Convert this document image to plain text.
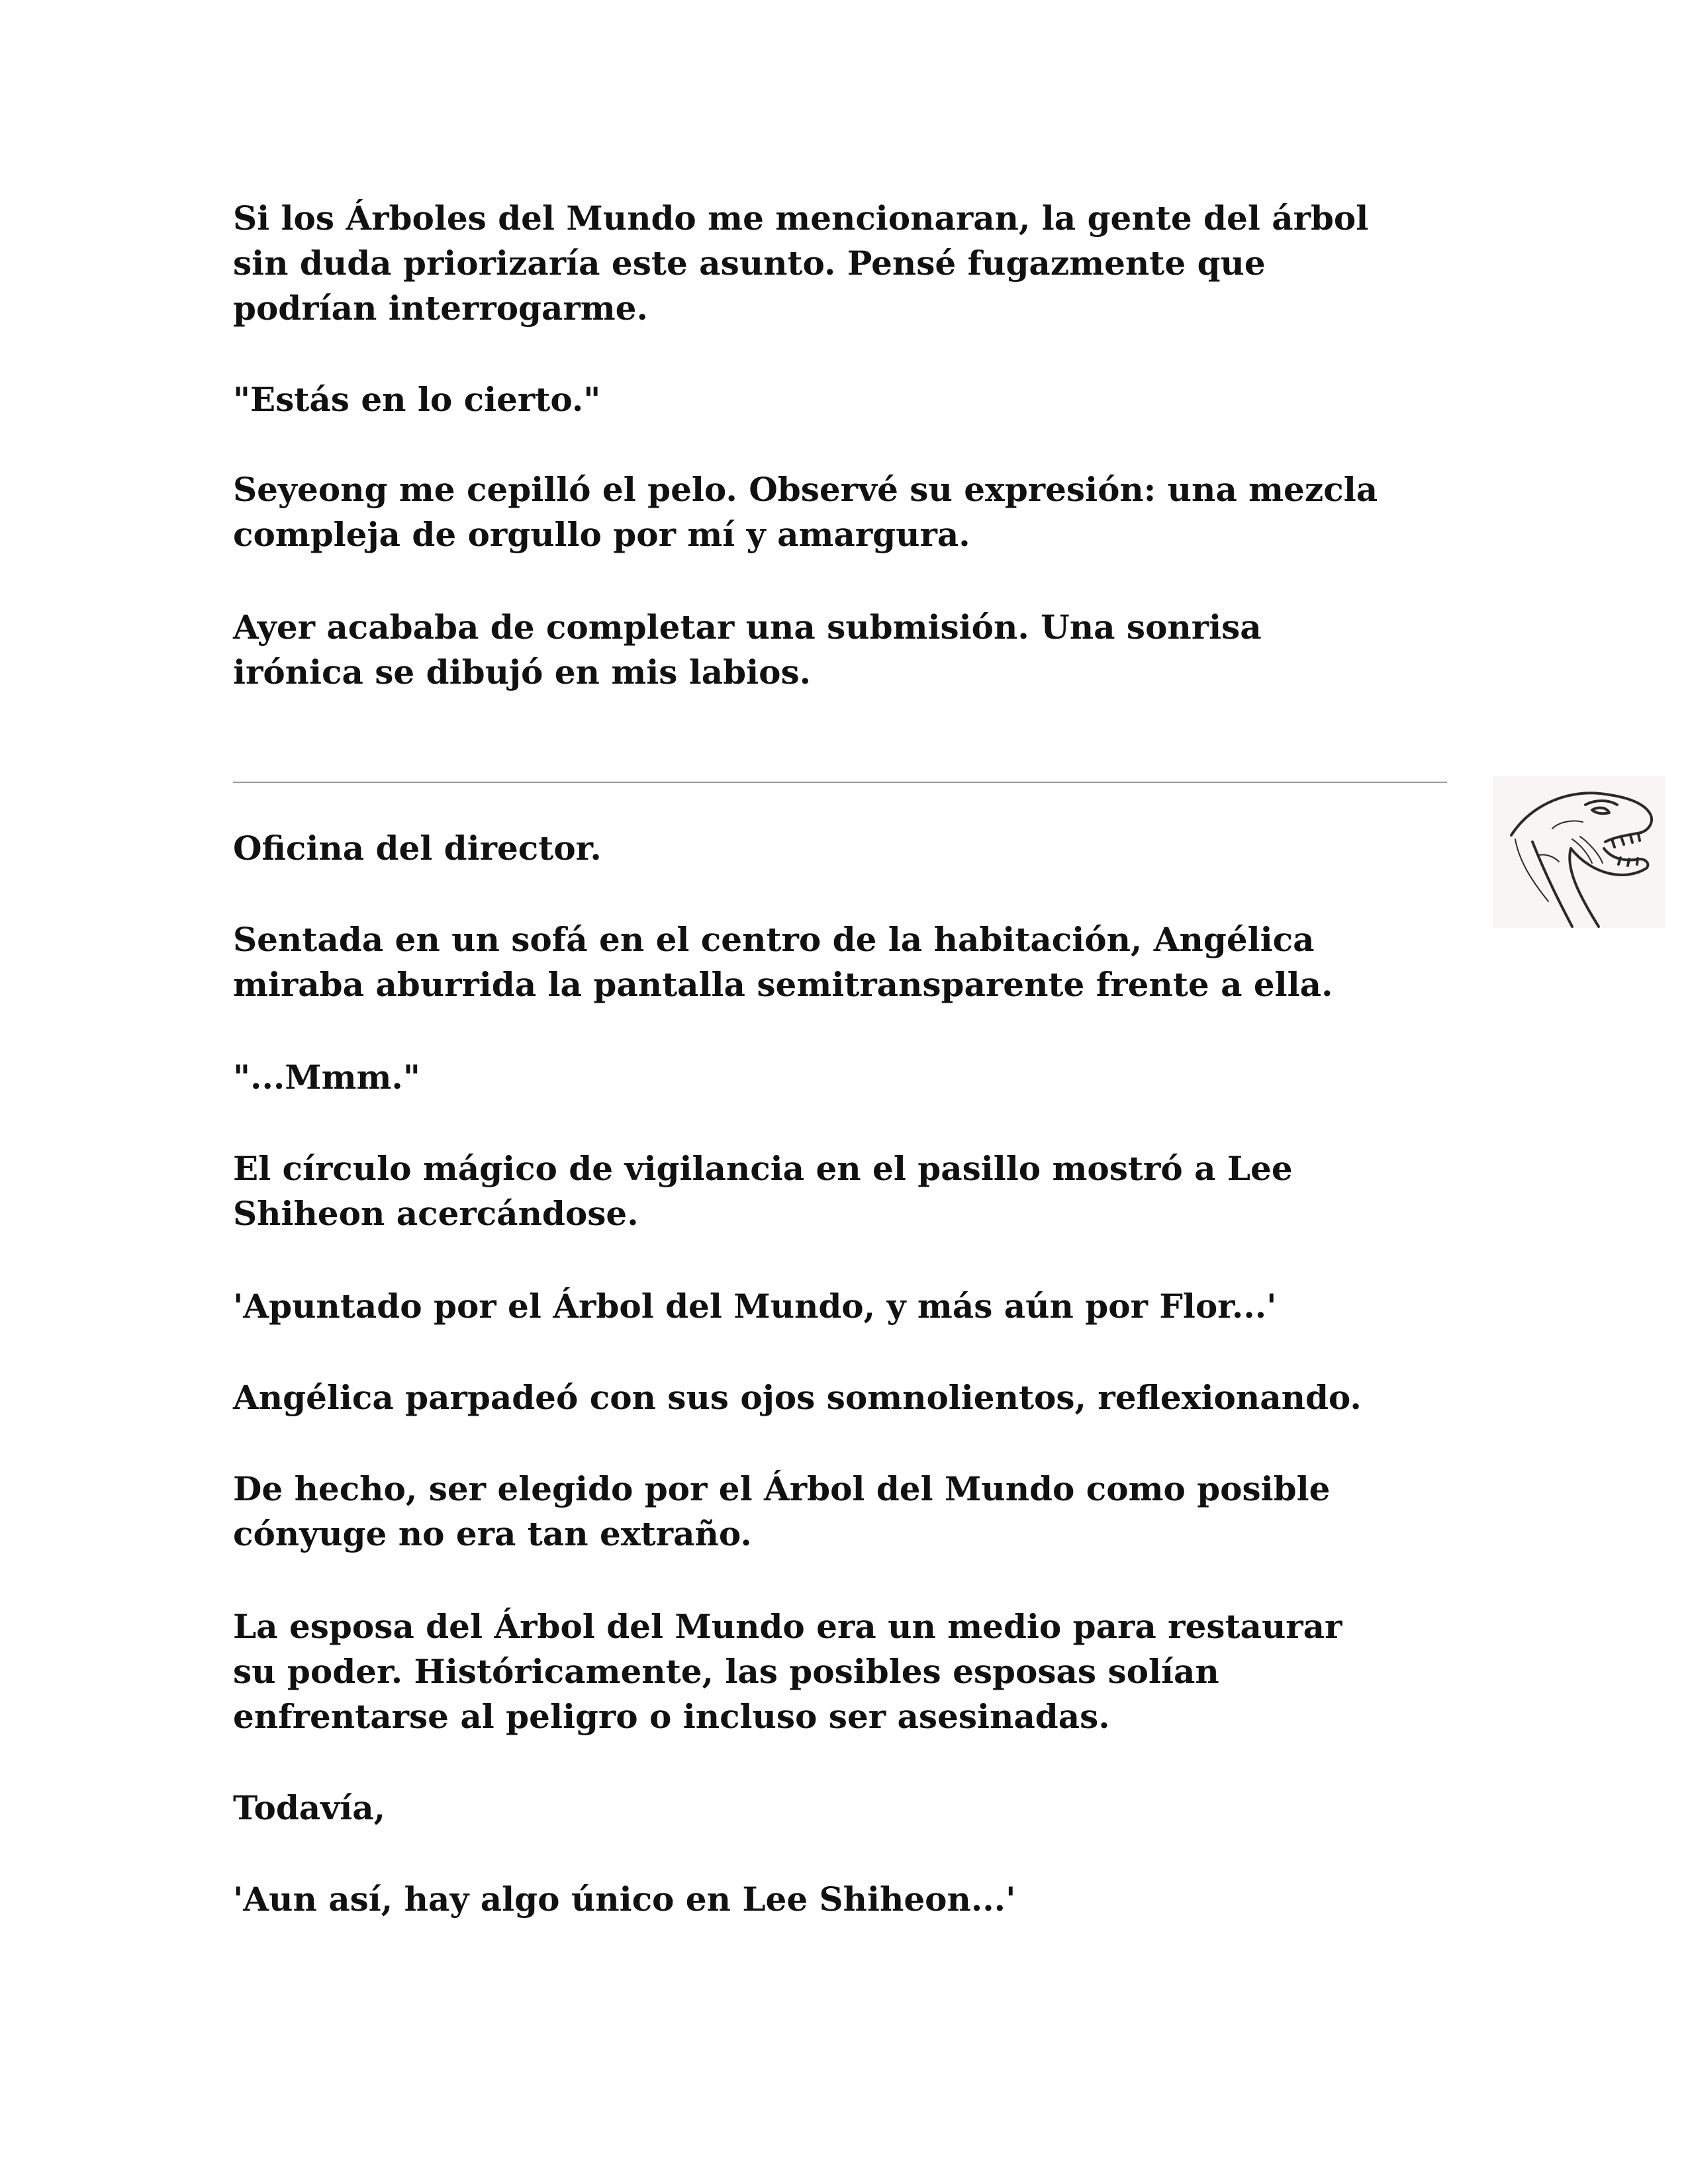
Si los Árboles del Mundo me mencionaran, la gente del árbol
sin duda priorizaría este asunto. Pensé fugazmente que
podrían interrogarme.

"Estás en lo cierto."

Seyeong me cepilló el pelo. Observé su expresión: una mezcla
compleja de orgullo por mí y amargura.

Ayer acababa de completar una submisión. Una sonrisa
irónica se dibujó en mis labios.

Oficina del director.

Sentada en un sofá en el centro de la habitación, Angélica
miraba aburrida la pantalla semitransparente frente a ella.

"...Mmm."

El círculo mágico de vigilancia en el pasillo mostró a Lee
Shiheon acercándose.

'Apuntado por el Árbol del Mundo, y más aún por Flor...'

Angélica parpadeó con sus ojos somnolientos, reflexionando.

De hecho, ser elegido por el Árbol del Mundo como posible
cónyuge no era tan extraño.

La esposa del Árbol del Mundo era un medio para restaurar
su poder. Históricamente, las posibles esposas solían
enfrentarse al peligro o incluso ser asesinadas.

Todavía,

'Aun así, hay algo único en Lee Shiheon...'
